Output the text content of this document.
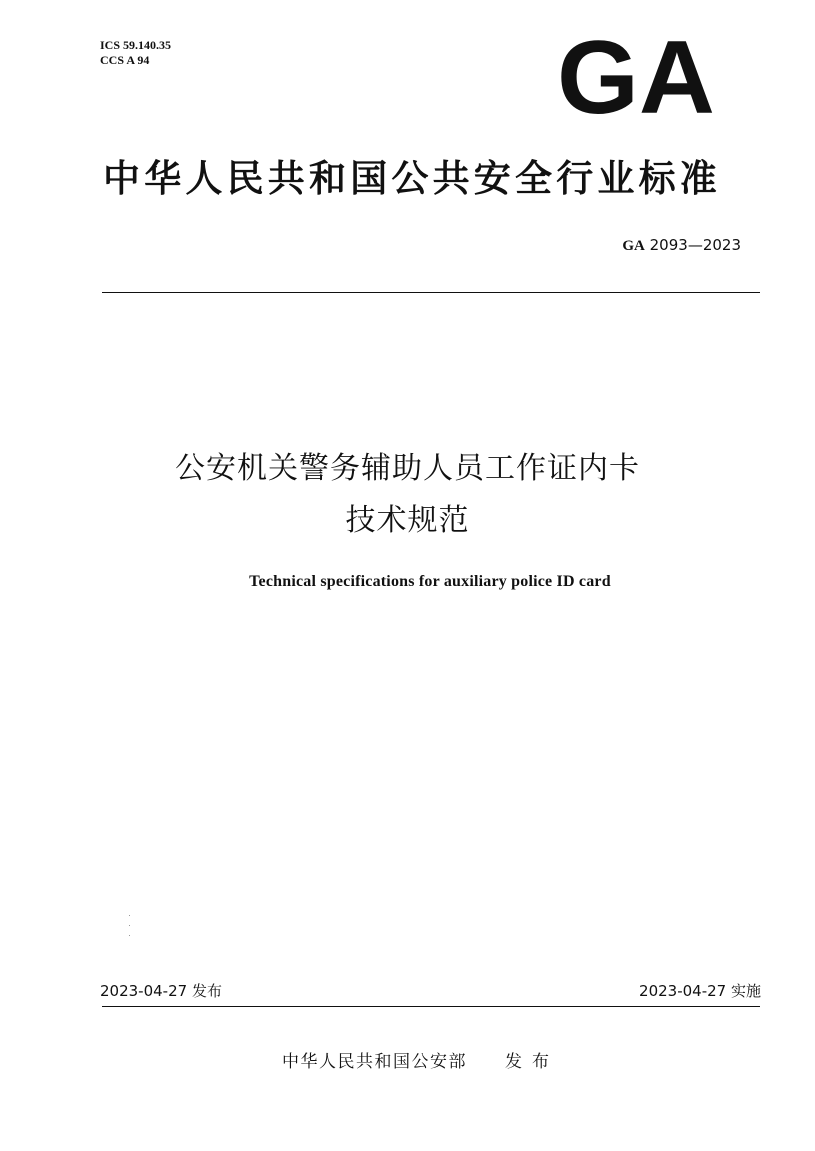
ICS 59.140.35
CCS A 94	GA
中华人民共和国公共安全行业标准
GA 2093—2023
公安机关警务辅助人员工作证内卡
技术规范
Technical specifications for auxiliary police ID card
2023-04-27 发布	2023-04-27 实施
中华人民共和国公安部 发布
